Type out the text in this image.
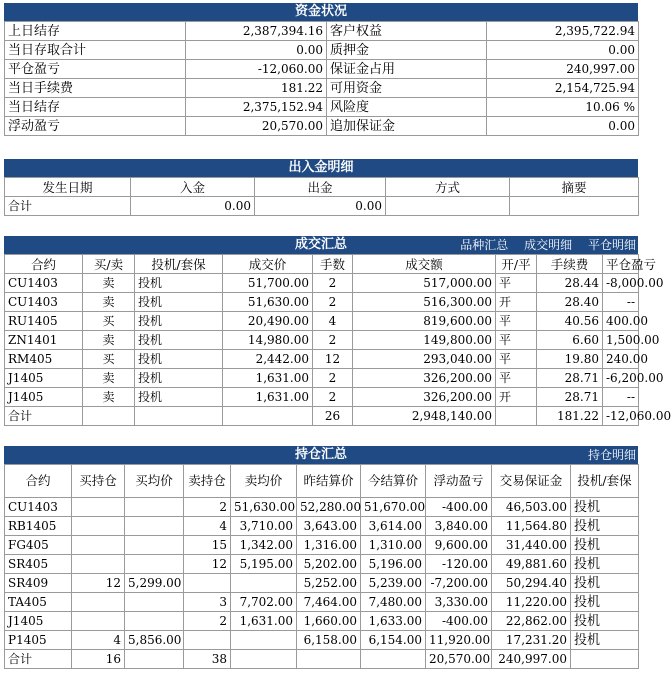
资金状况
上日结存	2,387,394.16	客户权益	2,395,722.94
当日存取合计	0.00	质押金	0.00
平仓盈亏	-12,060.00	保证金占用	240,997.00
当日手续费	181.22	可用资金	2,154,725.94
当日结存	2,375,152.94	风险度	10.06 %
浮动盈亏	20,570.00	追加保证金	0.00
出入金明细
发生日期	入金	出金	方式	摘要
合计	0.00	0.00		
成交汇总	品种汇总 成交明细 平仓明细
合约	买/卖	投机/套保	成交价	手数	成交额	开/平	手续费	平仓盈亏
CU1403	卖	投机	51,700.00	2	517,000.00	平	28.44	-8,000.00
CU1403	卖	投机	51,630.00	2	516,300.00	开	28.40	--
RU1405	买	投机	20,490.00	4	819,600.00	平	40.56	400.00
ZN1401	卖	投机	14,980.00	2	149,800.00	平	6.60	1,500.00
RM405	买	投机	2,442.00	12	293,040.00	平	19.80	240.00
J1405	卖	投机	1,631.00	2	326,200.00	平	28.71	-6,200.00
J1405	卖	投机	1,631.00	2	326,200.00	开	28.71	--
合计				26	2,948,140.00		181.22	-12,060.00
持仓汇总	持仓明细
合约	买持仓	买均价	卖持仓	卖均价	昨结算价	今结算价	浮动盈亏	交易保证金	投机/套保
CU1403			2	51,630.00	52,280.00	51,670.00	-400.00	46,503.00	投机
RB1405			4	3,710.00	3,643.00	3,614.00	3,840.00	11,564.80	投机
FG405			15	1,342.00	1,316.00	1,310.00	9,600.00	31,440.00	投机
SR405			12	5,195.00	5,202.00	5,196.00	-120.00	49,881.60	投机
SR409	12	5,299.00			5,252.00	5,239.00	-7,200.00	50,294.40	投机
TA405			3	7,702.00	7,464.00	7,480.00	3,330.00	11,220.00	投机
J1405			2	1,631.00	1,660.00	1,633.00	-400.00	22,862.00	投机
P1405	4	5,856.00			6,158.00	6,154.00	11,920.00	17,231.20	投机
合计	16		38				20,570.00	240,997.00	
